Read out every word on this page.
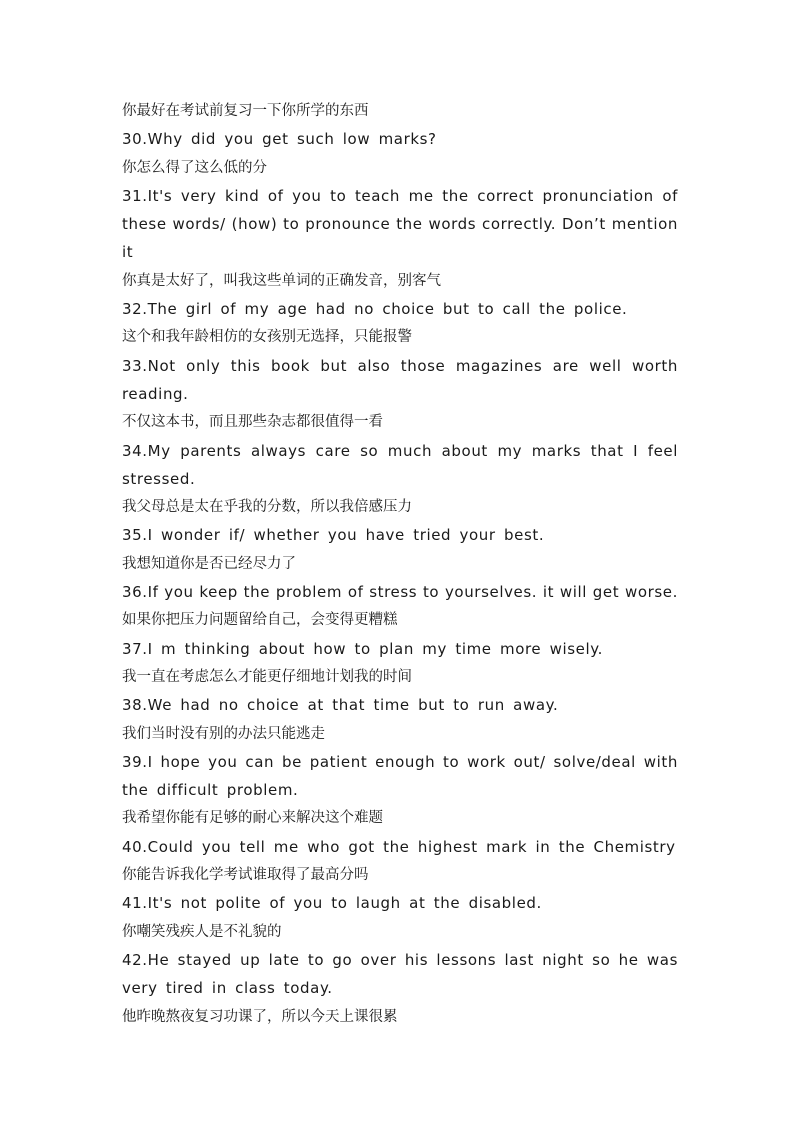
你最好在考试前复习一下你所学的东西
30.Why did you get such low marks?
你怎么得了这么低的分
31.It's very kind of you to teach me the correct pronunciation of
these words/ (how) to pronounce the words correctly. Don’t mention
it
你真是太好了，叫我这些单词的正确发音，别客气
32.The girl of my age had no choice but to call the police.
这个和我年龄相仿的女孩别无选择，只能报警
33.Not only this book but also those magazines are well worth
reading.
不仅这本书，而且那些杂志都很值得一看
34.My parents always care so much about my marks that I feel
stressed.
我父母总是太在乎我的分数，所以我倍感压力
35.I wonder if/ whether you have tried your best.
我想知道你是否已经尽力了
36.If you keep the problem of stress to yourselves. it will get worse.
如果你把压力问题留给自己，会变得更糟糕
37.I m thinking about how to plan my time more wisely.
我一直在考虑怎么才能更仔细地计划我的时间
38.We had no choice at that time but to run away.
我们当时没有别的办法只能逃走
39.I hope you can be patient enough to work out/ solve/deal with
the difficult problem.
我希望你能有足够的耐心来解决这个难题
40.Could you tell me who got the highest mark in the Chemistry
你能告诉我化学考试谁取得了最高分吗
41.It's not polite of you to laugh at the disabled.
你嘲笑残疾人是不礼貌的
42.He stayed up late to go over his lessons last night so he was
very tired in class today.
他昨晚熬夜复习功课了，所以今天上课很累
